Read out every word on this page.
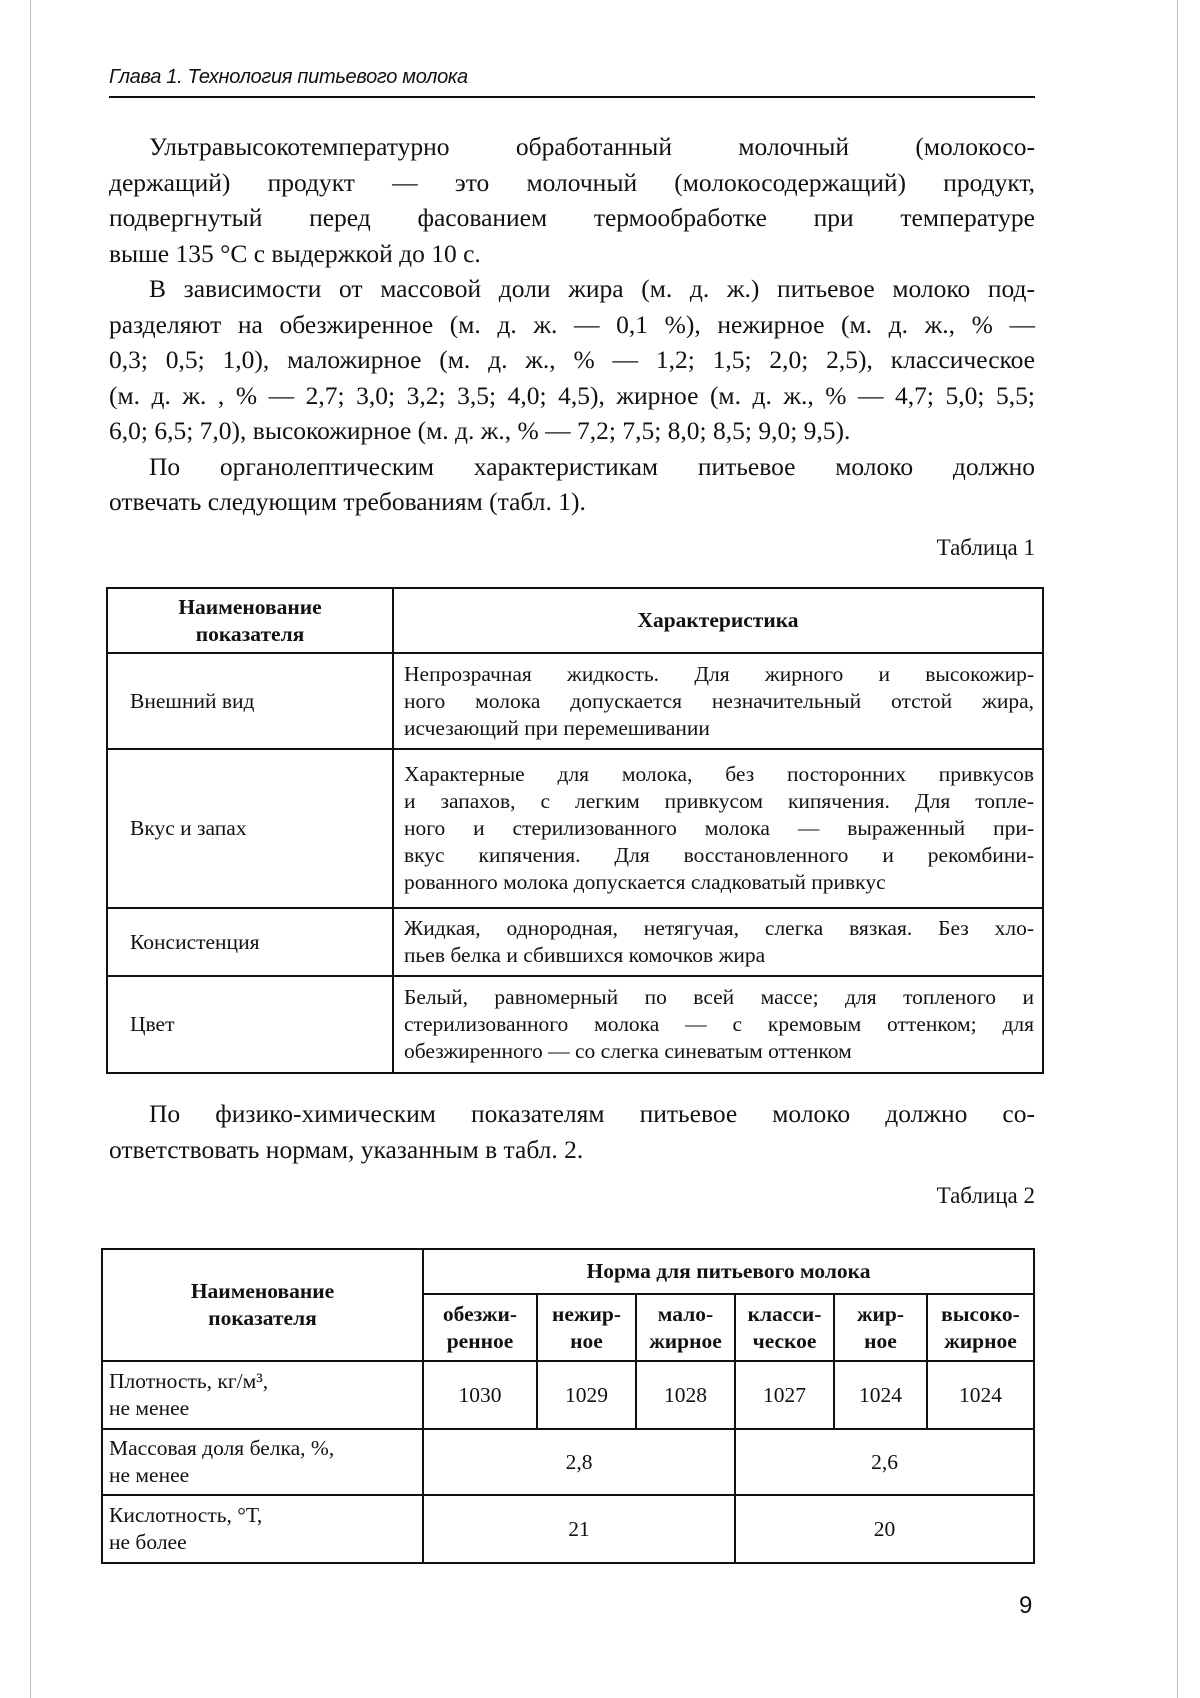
Глава 1. Технология питьевого молока
Ультравысокотемпературно обработанный молочный (молокосо-
держащий) продукт — это молочный (молокосодержащий) продукт,
подвергнутый перед фасованием термообработке при температуре
выше 135 °С с выдержкой до 10 с.
В зависимости от массовой доли жира (м. д. ж.) питьевое молоко под-
разделяют на обезжиренное (м. д. ж. — 0,1 %), нежирное (м. д. ж., % —
0,3; 0,5; 1,0), маложирное (м. д. ж., % — 1,2; 1,5; 2,0; 2,5), классическое
(м. д. ж. , % — 2,7; 3,0; 3,2; 3,5; 4,0; 4,5), жирное (м. д. ж., % — 4,7; 5,0; 5,5;
6,0; 6,5; 7,0), высокожирное (м. д. ж., % — 7,2; 7,5; 8,0; 8,5; 9,0; 9,5).
По органолептическим характеристикам питьевое молоко должно
отвечать следующим требованиям (табл. 1).
Таблица 1
Наименование
показателя
	Характеристика
Внешний вид	
Непрозрачная жидкость. Для жирного и высокожир-
ного молока допускается незначительный отстой жира,
исчезающий при перемешивании

Вкус и запах	
Характерные для молока, без посторонних привкусов
и запахов, с легким привкусом кипячения. Для топле-
ного и стерилизованного молока — выраженный при-
вкус кипячения. Для восстановленного и рекомбини-
рованного молока допускается сладковатый привкус

Консистенция	
Жидкая, однородная, нетягучая, слегка вязкая. Без хло-
пьев белка и сбившихся комочков жира

Цвет	
Белый, равномерный по всей массе; для топленого и
стерилизованного молока — с кремовым оттенком; для
обезжиренного — со слегка синеватым оттенком
По физико-химическим показателям питьевое молоко должно со-
ответствовать нормам, указанным в табл. 2.
Таблица 2
Наименование
показателя
	Норма для питьевого молока

обезжи-
ренное

нежир-
ное

мало-
жирное

класси-
ческое

жир-
ное

высоко-
жирное

Плотность, кг/м³,
не менее
	1030	1029	1028	1027	1024	1024

Массовая доля белка, %,
не менее
	2,8	2,6

Кислотность, °Т,
не более
	21	20
9
